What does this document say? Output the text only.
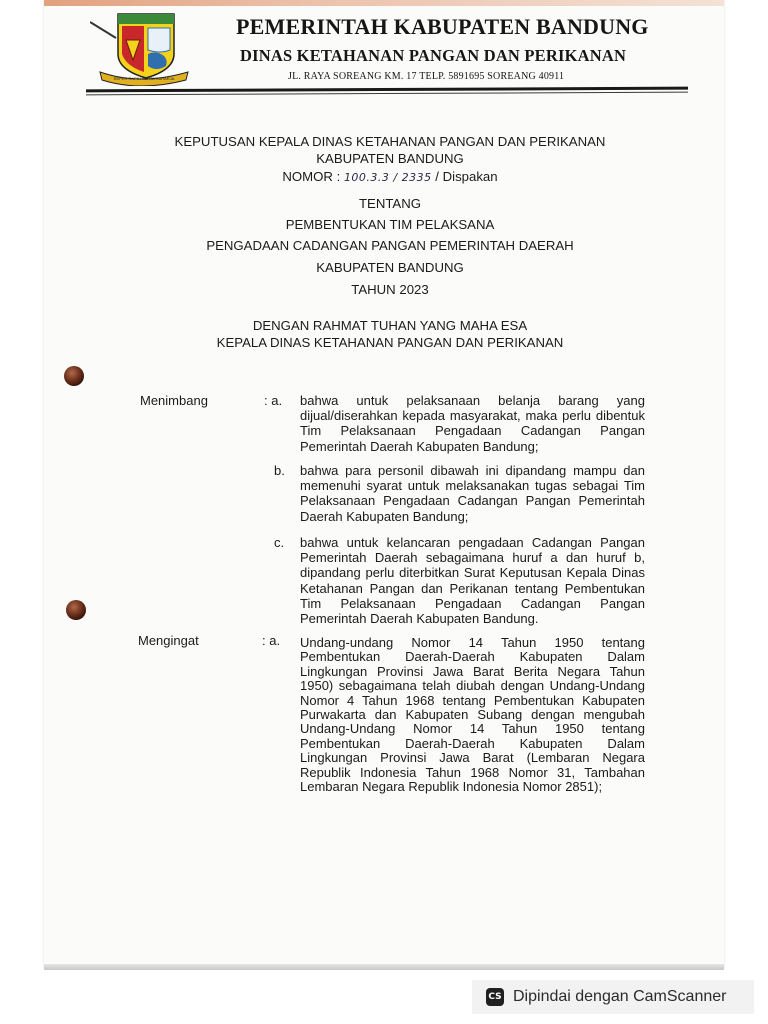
REPEH RAPIH KERTA RAHARJA
PEMERINTAH KABUPATEN BANDUNG
DINAS KETAHANAN PANGAN DAN PERIKANAN
JL. RAYA SOREANG KM. 17 TELP. 5891695 SOREANG 40911
KEPUTUSAN KEPALA DINAS KETAHANAN PANGAN DAN PERIKANAN
KABUPATEN BANDUNG
NOMOR : 100.3.3 / 2335 / Dispakan
TENTANG
PEMBENTUKAN TIM PELAKSANA
PENGADAAN CADANGAN PANGAN PEMERINTAH DAERAH
KABUPATEN BANDUNG
TAHUN 2023
DENGAN RAHMAT TUHAN YANG MAHA ESA
KEPALA DINAS KETAHANAN PANGAN DAN PERIKANAN
Menimbang	: a. bahwa untuk pelaksanaan belanja barang yang dijual/diserahkan kepada masyarakat, maka perlu dibentuk Tim Pelaksanaan Pengadaan Cadangan Pangan Pemerintah Daerah Kabupaten Bandung;
b. bahwa para personil dibawah ini dipandang mampu dan memenuhi syarat untuk melaksanakan tugas sebagai Tim Pelaksanaan Pengadaan Cadangan Pangan Pemerintah Daerah Kabupaten Bandung;
c. bahwa untuk kelancaran pengadaan Cadangan Pangan Pemerintah Daerah sebagaimana huruf a dan huruf b, dipandang perlu diterbitkan Surat Keputusan Kepala Dinas Ketahanan Pangan dan Perikanan tentang Pembentukan Tim Pelaksanaan Pengadaan Cadangan Pangan Pemerintah Daerah Kabupaten Bandung.
Mengingat	: a. Undang-undang Nomor 14 Tahun 1950 tentang Pembentukan Daerah-Daerah Kabupaten Dalam Lingkungan Provinsi Jawa Barat Berita Negara Tahun 1950) sebagaimana telah diubah dengan Undang-Undang Nomor 4 Tahun 1968 tentang Pembentukan Kabupaten Purwakarta dan Kabupaten Subang dengan mengubah Undang-Undang Nomor 14 Tahun 1950 tentang Pembentukan Daerah-Daerah Kabupaten Dalam Lingkungan Provinsi Jawa Barat (Lembaran Negara Republik Indonesia Tahun 1968 Nomor 31, Tambahan Lembaran Negara Republik Indonesia Nomor 2851);
CS Dipindai dengan CamScanner
